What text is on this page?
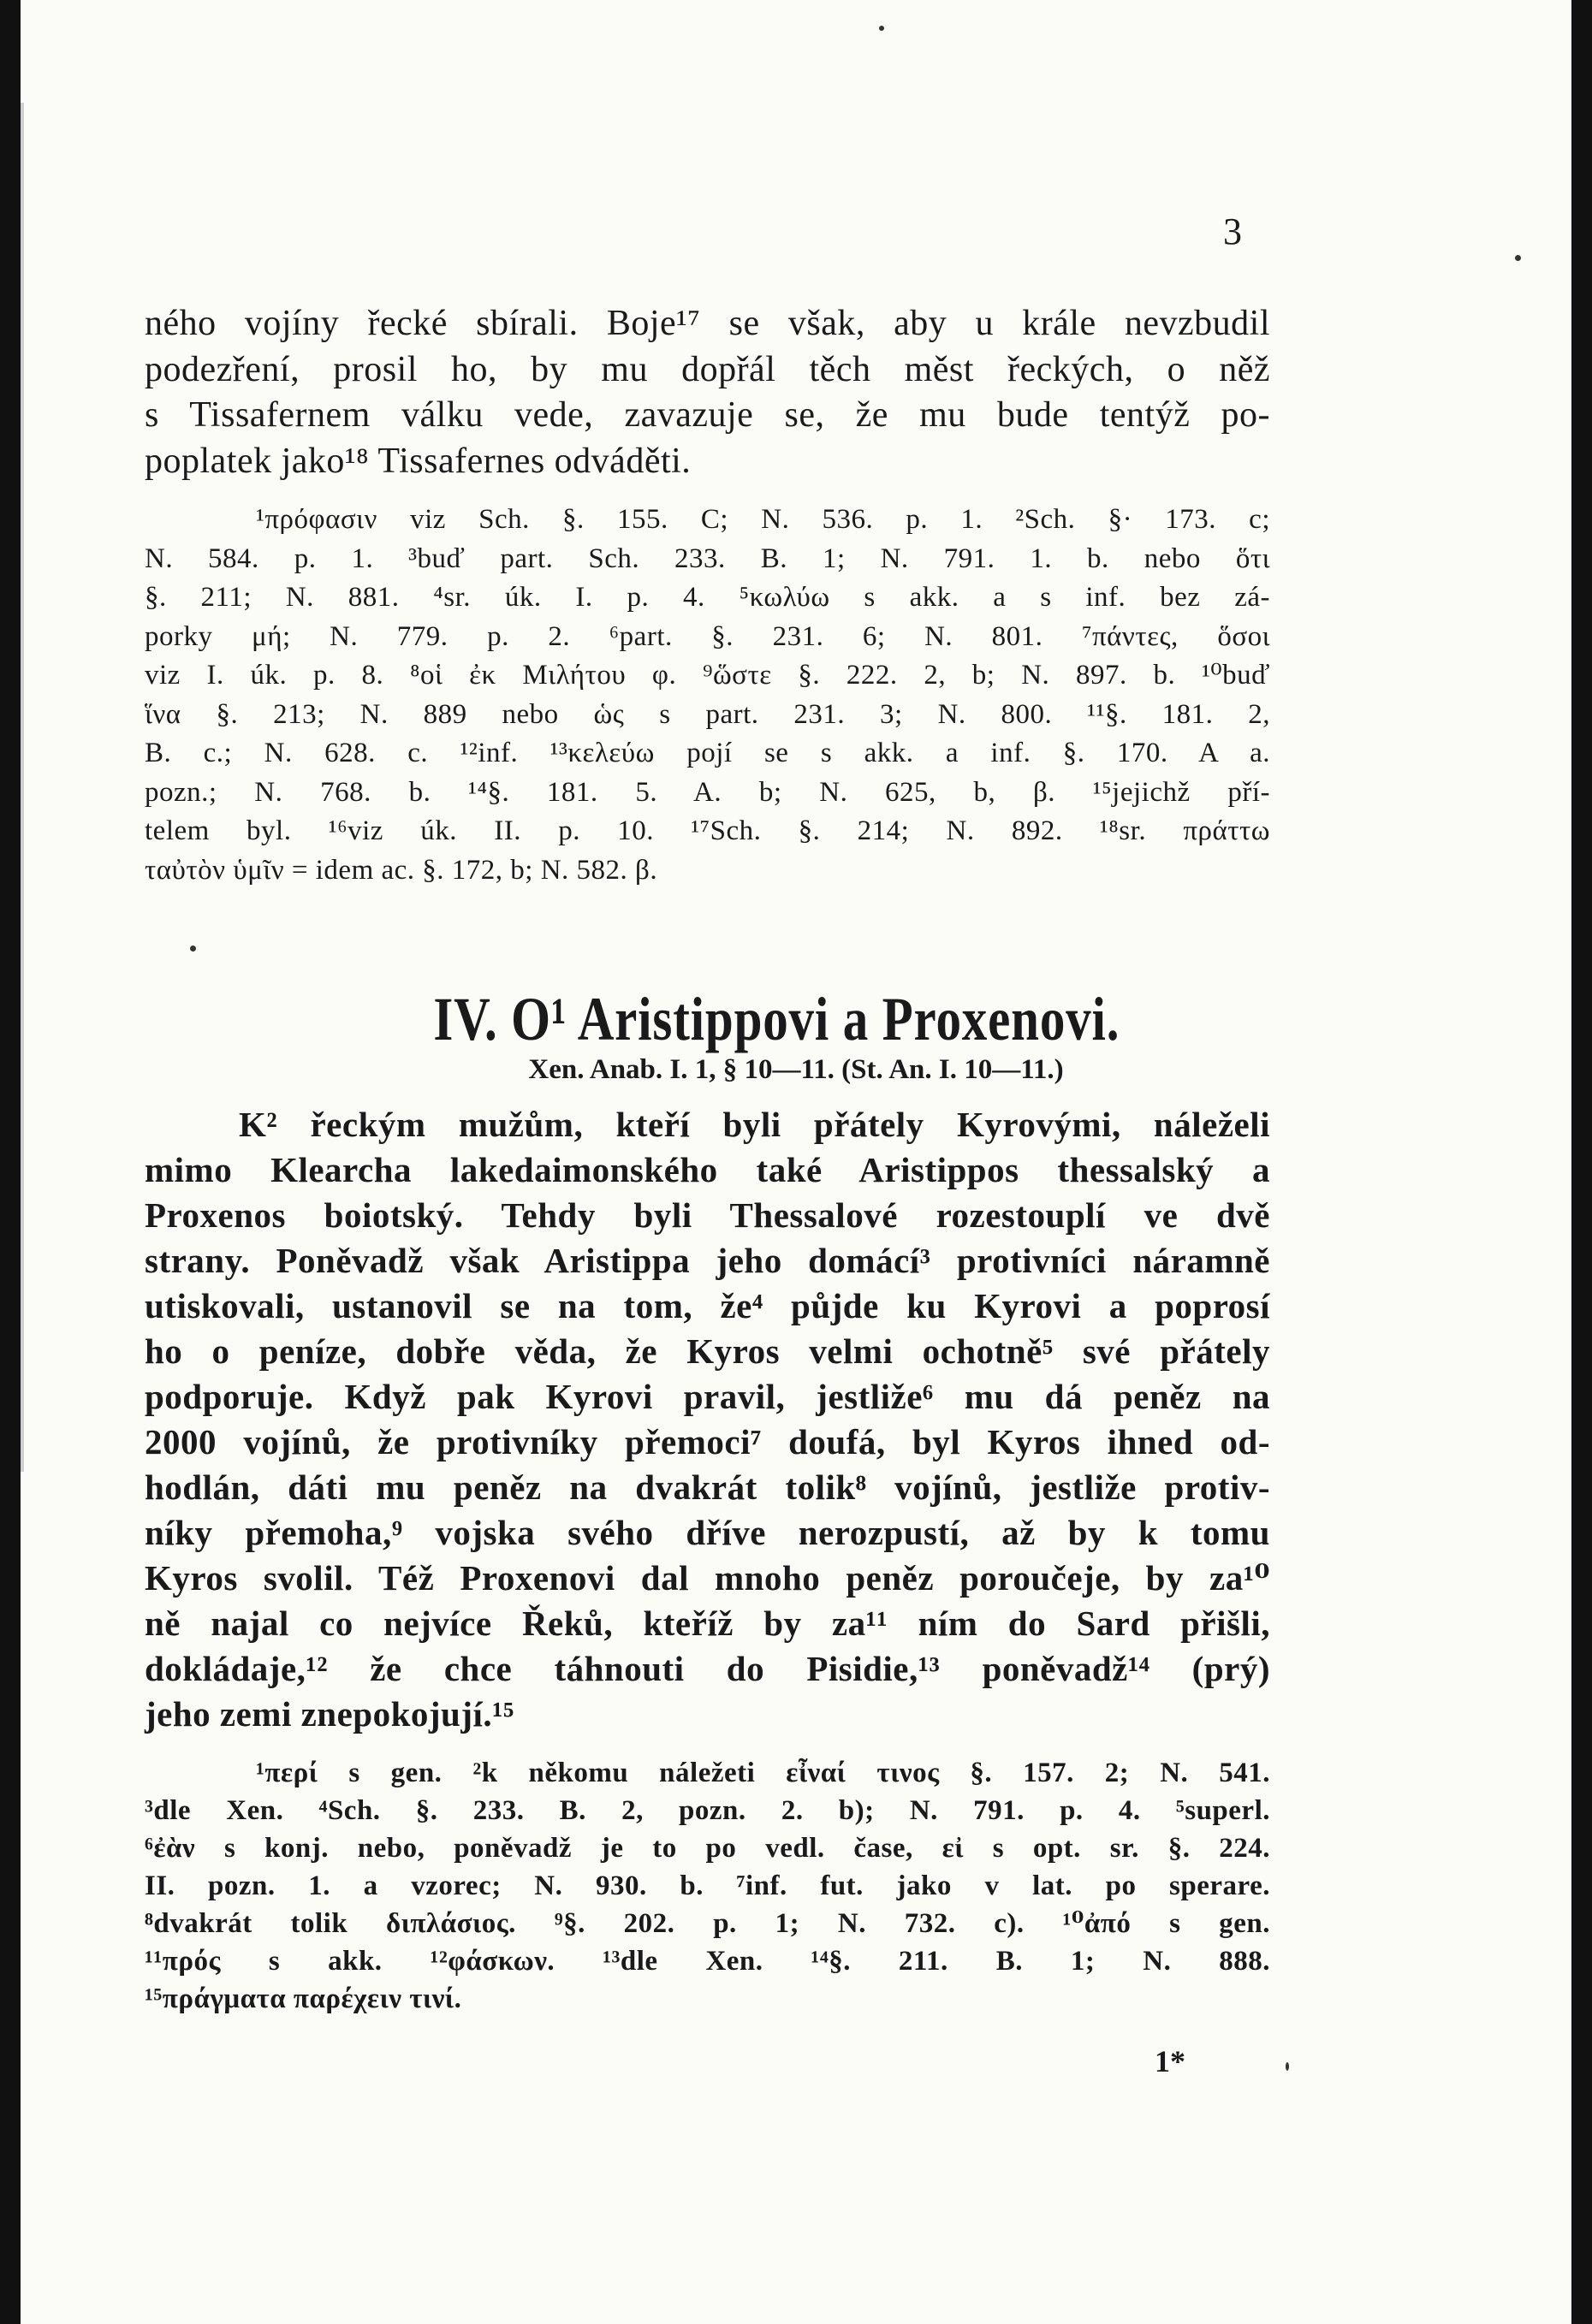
3
ného vojíny řecké sbírali. Boje¹⁷ se však, aby u krále nevzbudil
podezření, prosil ho, by mu dopřál těch měst řeckých, o něž
s Tissafernem válku vede, zavazuje se, že mu bude tentýž po-
poplatek jako¹⁸ Tissafernes odváděti.
¹πρόφασιν viz Sch. §. 155. C; N. 536. p. 1. ²Sch. §· 173. c;
N. 584. p. 1. ³buď part. Sch. 233. B. 1; N. 791. 1. b. nebo ὅτι
§. 211; N. 881. ⁴sr. úk. I. p. 4. ⁵κωλύω s akk. a s inf. bez zá-
porky μή; N. 779. p. 2. ⁶part. §. 231. 6; N. 801. ⁷πάντες, ὅσοι
viz I. úk. p. 8. ⁸οἱ ἐκ Μιλήτου φ. ⁹ὥστε §. 222. 2, b; N. 897. b. ¹⁰buď
ἵνα §. 213; N. 889 nebo ὡς s part. 231. 3; N. 800. ¹¹§. 181. 2,
B. c.; N. 628. c. ¹²inf. ¹³κελεύω pojí se s akk. a inf. §. 170. A a.
pozn.; N. 768. b. ¹⁴§. 181. 5. A. b; N. 625, b, β. ¹⁵jejichž pří-
telem byl. ¹⁶viz úk. II. p. 10. ¹⁷Sch. §. 214; N. 892. ¹⁸sr. πράττω
ταὐτὸν ὑμῖν = idem ac. §. 172, b; N. 582. β.
IV. O¹ Aristippovi a Proxenovi.
Xen. Anab. I. 1, § 10—11. (St. An. I. 10—11.)
K² řeckým mužům, kteří byli přátely Kyrovými, náleželi
mimo Klearcha lakedaimonského také Aristippos thessalský a
Proxenos boiotský. Tehdy byli Thessalové rozestouplí ve dvě
strany. Poněvadž však Aristippa jeho domácí³ protivníci náramně
utiskovali, ustanovil se na tom, že⁴ půjde ku Kyrovi a poprosí
ho o peníze, dobře věda, že Kyros velmi ochotně⁵ své přátely
podporuje. Když pak Kyrovi pravil, jestliže⁶ mu dá peněz na
2000 vojínů, že protivníky přemoci⁷ doufá, byl Kyros ihned od-
hodlán, dáti mu peněz na dvakrát tolik⁸ vojínů, jestliže protiv-
níky přemoha,⁹ vojska svého dříve nerozpustí, až by k tomu
Kyros svolil. Též Proxenovi dal mnoho peněz poroučeje, by za¹⁰
ně najal co nejvíce Řeků, kteříž by za¹¹ ním do Sard přišli,
dokládaje,¹² že chce táhnouti do Pisidie,¹³ poněvadž¹⁴ (prý)
jeho zemi znepokojují.¹⁵
¹περί s gen. ²k někomu náležeti εἶναί τινος §. 157. 2; N. 541.
³dle Xen. ⁴Sch. §. 233. B. 2, pozn. 2. b); N. 791. p. 4. ⁵superl.
⁶ἐὰν s konj. nebo, poněvadž je to po vedl. čase, εἰ s opt. sr. §. 224.
II. pozn. 1. a vzorec; N. 930. b. ⁷inf. fut. jako v lat. po sperare.
⁸dvakrát tolik διπλάσιος. ⁹§. 202. p. 1; N. 732. c). ¹⁰ἀπό s gen.
¹¹πρός s akk. ¹²φάσκων. ¹³dle Xen. ¹⁴§. 211. B. 1; N. 888.
¹⁵πράγματα παρέχειν τινί.
1*
